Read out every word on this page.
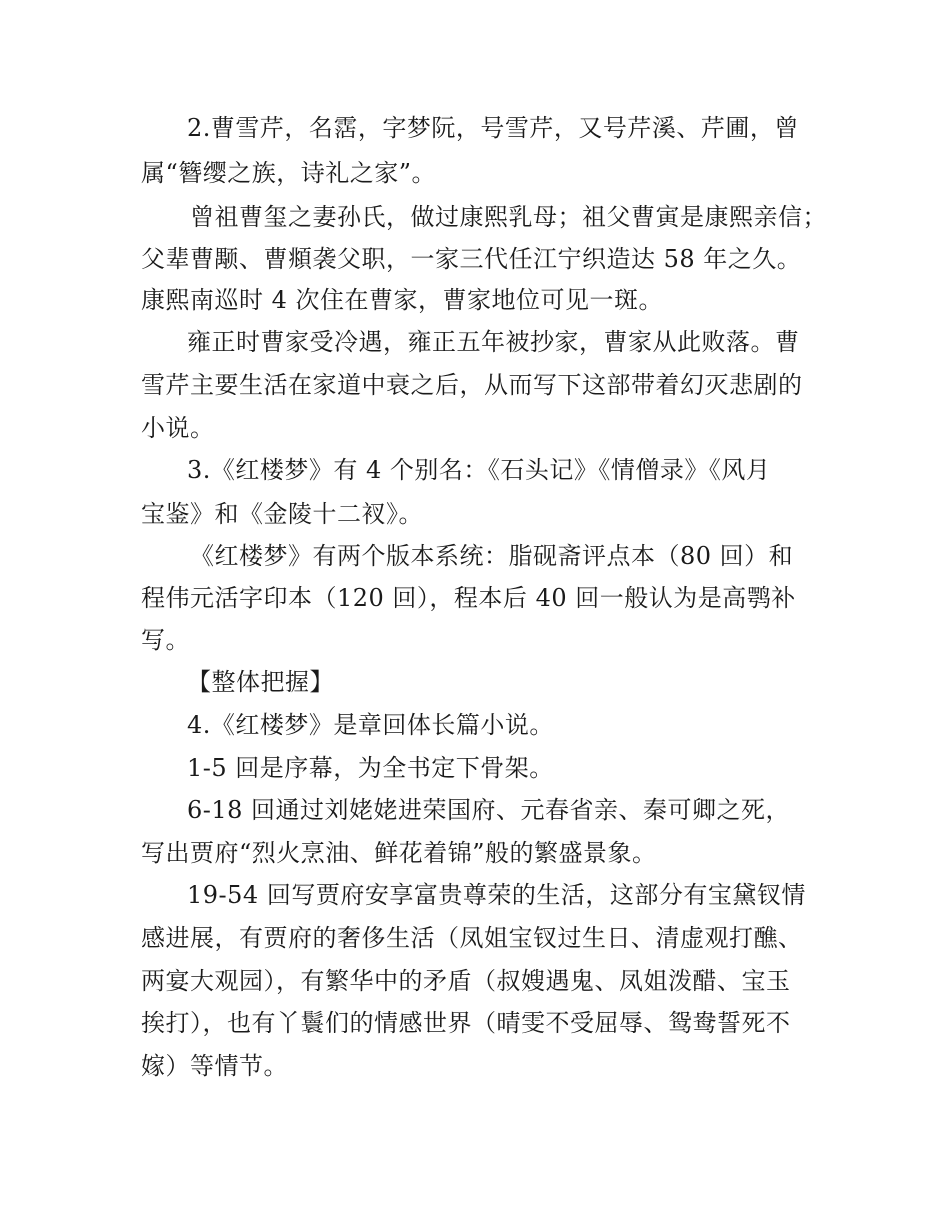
2.曹雪芹，名霑，字梦阮，号雪芹，又号芹溪、芹圃，曾
属“簪缨之族，诗礼之家”。
曾祖曹玺之妻孙氏，做过康熙乳母；祖父曹寅是康熙亲信；
父辈曹颙、曹頫袭父职，一家三代任江宁织造达 58 年之久。
康熙南巡时 4 次住在曹家，曹家地位可见一斑。
雍正时曹家受冷遇，雍正五年被抄家，曹家从此败落。曹
雪芹主要生活在家道中衰之后，从而写下这部带着幻灭悲剧的
小说。
3.《红楼梦》有 4 个别名：《石头记》《情僧录》《风月
宝鉴》和《金陵十二衩》。
《红楼梦》有两个版本系统：脂砚斋评点本（80 回）和
程伟元活字印本（120 回），程本后 40 回一般认为是高鹗补
写。
【整体把握】
4.《红楼梦》是章回体长篇小说。
1-5 回是序幕，为全书定下骨架。
6-18 回通过刘姥姥进荣国府、元春省亲、秦可卿之死，
写出贾府“烈火烹油、鲜花着锦”般的繁盛景象。
19-54 回写贾府安享富贵尊荣的生活，这部分有宝黛钗情
感进展，有贾府的奢侈生活（凤姐宝钗过生日、清虚观打醮、
两宴大观园），有繁华中的矛盾（叔嫂遇鬼、凤姐泼醋、宝玉
挨打），也有丫鬟们的情感世界（晴雯不受屈辱、鸳鸯誓死不
嫁）等情节。
